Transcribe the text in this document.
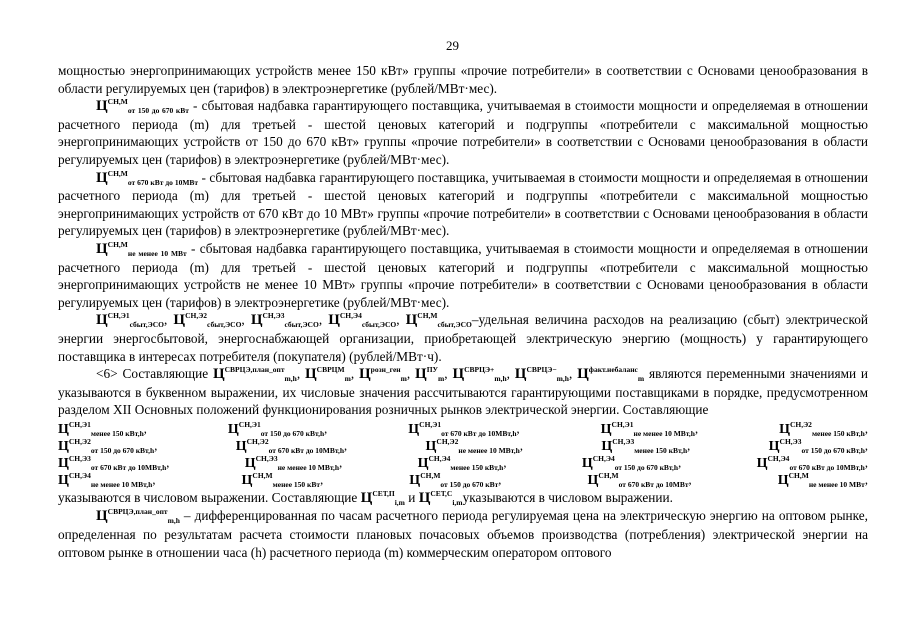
29

мощностью энергопринимающих устройств менее 150 кВт» группы «прочие потребители» в соответствии с Основами ценообразования в области регулируемых цен (тарифов) в электроэнергетике (рублей/МВт·мес).

$Ц^{СН,М}_{от 150 до 670 кВт}$ - сбытовая надбавка гарантирующего поставщика, учитываемая в стоимости мощности и определяемая в отношении расчетного периода (m) для третьей - шестой ценовых категорий и подгруппы «потребители с максимальной мощностью энергопринимающих устройств от 150 до 670 кВт» группы «прочие потребители» в соответствии с Основами ценообразования в области регулируемых цен (тарифов) в электроэнергетике (рублей/МВт·мес).

$Ц^{СН,М}_{от 670 кВт до 10МВт}$ - сбытовая надбавка гарантирующего поставщика, учитываемая в стоимости мощности и определяемая в отношении расчетного периода (m) для третьей - шестой ценовых категорий и подгруппы «потребители с максимальной мощностью энергопринимающих устройств от 670 кВт до 10 МВт» группы «прочие потребители» в соответствии с Основами ценообразования в области регулируемых цен (тарифов) в электроэнергетике (рублей/МВт·мес).

$Ц^{СН,М}_{не менее 10 МВт}$ - сбытовая надбавка гарантирующего поставщика, учитываемая в стоимости мощности и определяемая в отношении расчетного периода (m) для третьей - шестой ценовых категорий и подгруппы «потребители с максимальной мощностью энергопринимающих устройств не менее 10 МВт» группы «прочие потребители» в соответствии с Основами ценообразования в области регулируемых цен (тарифов) в электроэнергетике (рублей/МВт·мес).

$Ц^{СН,Э1}_{сбыт,ЭСО}$, $Ц^{СН,Э2}_{сбыт,ЭСО}$, $Ц^{СН,Э3}_{сбыт,ЭСО}$, $Ц^{СН,Э4}_{сбыт,ЭСО}$, $Ц^{СН,М}_{сбыт,ЭСО}$–удельная величина расходов на реализацию (сбыт) электрической энергии энергосбытовой, энергоснабжающей организации, приобретающей электрическую энергию (мощность) у гарантирующего поставщика в интересах потребителя (покупателя) (рублей/МВт·ч).

<6> Составляющие $Ц^{СВРЦЭ,план\_опт}_{m,h}$, $Ц^{СВРЦМ}_m$, $Ц^{розн\_ген}_m$, $Ц^{ПУ}_m$, $Ц^{СВРЦЭ+}_{m,h}$, $Ц^{СВРЦЭ-}_{m,h}$, $Ц^{факт.небаланс}_m$ являются переменными значениями и указываются в буквенном выражении, их числовые значения рассчитываются гарантирующими поставщиками в порядке, предусмотренном разделом XII Основных положений функционирования розничных рынков электрической энергии. Составляющие

$Ц^{СН,Э1}_{менее 150 кВт,h}$,	$Ц^{СН,Э1}_{от 150 до 670 кВт,h}$,	$Ц^{СН,Э1}_{от 670 кВт до 10МВт,h}$,	$Ц^{СН,Э1}_{не менее 10 МВт,h}$,	$Ц^{СН,Э2}_{менее 150 кВт,h}$,
$Ц^{СН,Э2}_{от 150 до 670 кВт,h}$,	$Ц^{СН,Э2}_{от 670 кВт до 10МВт,h}$,	$Ц^{СН,Э2}_{не менее 10 МВт,h}$,	$Ц^{СН,Э3}_{менее 150 кВт,h}$,	$Ц^{СН,Э3}_{от 150 до 670 кВт,h}$,
$Ц^{СН,Э3}_{от 670 кВт до 10МВт,h}$,	$Ц^{СН,Э3}_{не менее 10 МВт,h}$,	$Ц^{СН,Э4}_{менее 150 кВт,h}$,	$Ц^{СН,Э4}_{от 150 до 670 кВт,h}$,	$Ц^{СН,Э4}_{от 670 кВт до 10МВт,h}$,
$Ц^{СН,Э4}_{не менее 10 МВт,h}$,	$Ц^{СН,М}_{менее 150 кВт}$,	$Ц^{СН,М}_{от 150 до 670 кВт}$,	$Ц^{СН,М}_{от 670 кВт до 10МВт}$,	$Ц^{СН,М}_{не менее 10 МВт}$,

указываются в числовом выражении. Составляющие $Ц^{СЕТ,П}_{i,m}$ и $Ц^{СЕТ,С}_{i,m}указываются$ в числовом выражении.

$Ц^{СВРЦЭ,план\_опт}_{m,h}$ – дифференцированная по часам расчетного периода регулируемая цена на электрическую энергию на оптовом рынке, определенная по результатам расчета стоимости плановых почасовых объемов производства (потребления) электрической энергии на оптовом рынке в отношении часа (h) расчетного периода (m) коммерческим оператором оптового
